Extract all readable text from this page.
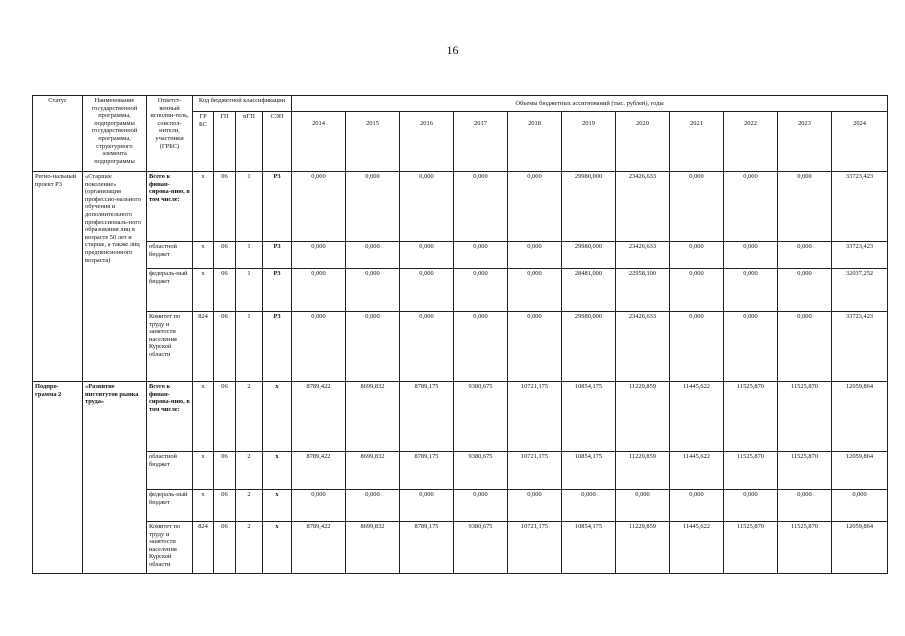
16
Статус	Наименование государственной программы, подпрограммы государственной программы, структурного элемента подпрограммы	Ответст-венный исполни-тель, соиспол-нители, участники (ГРБС)	Код бюджетной классификации				Объемы бюджетных ассигнований (тыс. рублей), годы										
			ГР БС	ГП	пГП	СЭП	2014	2015	2016	2017	2018	2019	2020	2021	2022	2023	2024
Регио-нальный проект Р3	«Старшее поколение» (организация профессио-нального обучения и дополнительного профессиональ-ного образования лиц в возрасте 50 лет и старше, а также лиц предпенсионного возраста)	Всего к финан-сирова-нию, в том числе:	х	06	1	Р3	0,000	0,000	0,000	0,000	0,000	29980,000	23426,633	0,000	0,000	0,000	33723,423
		областной бюджет	х	06	1	Р3	0,000	0,000	0,000	0,000	0,000	29980,000	23426,633	0,000	0,000	0,000	33723,423
		федераль-ный бюджет	х	06	1	Р3	0,000	0,000	0,000	0,000	0,000	28481,000	22958,100	0,000	0,000	0,000	32037,252
		Комитет по труду и занятости населения Курской области	824	06	1	Р3	0,000	0,000	0,000	0,000	0,000	29980,000	23426,633	0,000	0,000	0,000	33723,423
Подпро-грамма 2	«Развитие институтов рынка труда»	Всего к финан-сирова-нию, в том числе:	х	06	2	х	8789,422	8699,832	8789,175	9380,675	10721,175	10854,175	11229,859	11445,622	11525,870	11525,870	12059,864
		областной бюджет	х	06	2	х	8789,422	8699,832	8789,175	9380,675	10721,175	10854,175	11229,859	11445,622	11525,870	11525,870	12059,864
		федераль-ный бюджет	х	06	2	х	0,000	0,000	0,000	0,000	0,000	0,000	0,000	0,000	0,000	0,000	0,000
		Комитет по труду и занятости населения Курской области	824	06	2	х	8789,422	8699,832	8789,175	9380,675	10721,175	10854,175	11229,859	11445,622	11525,870	11525,870	12059,864
